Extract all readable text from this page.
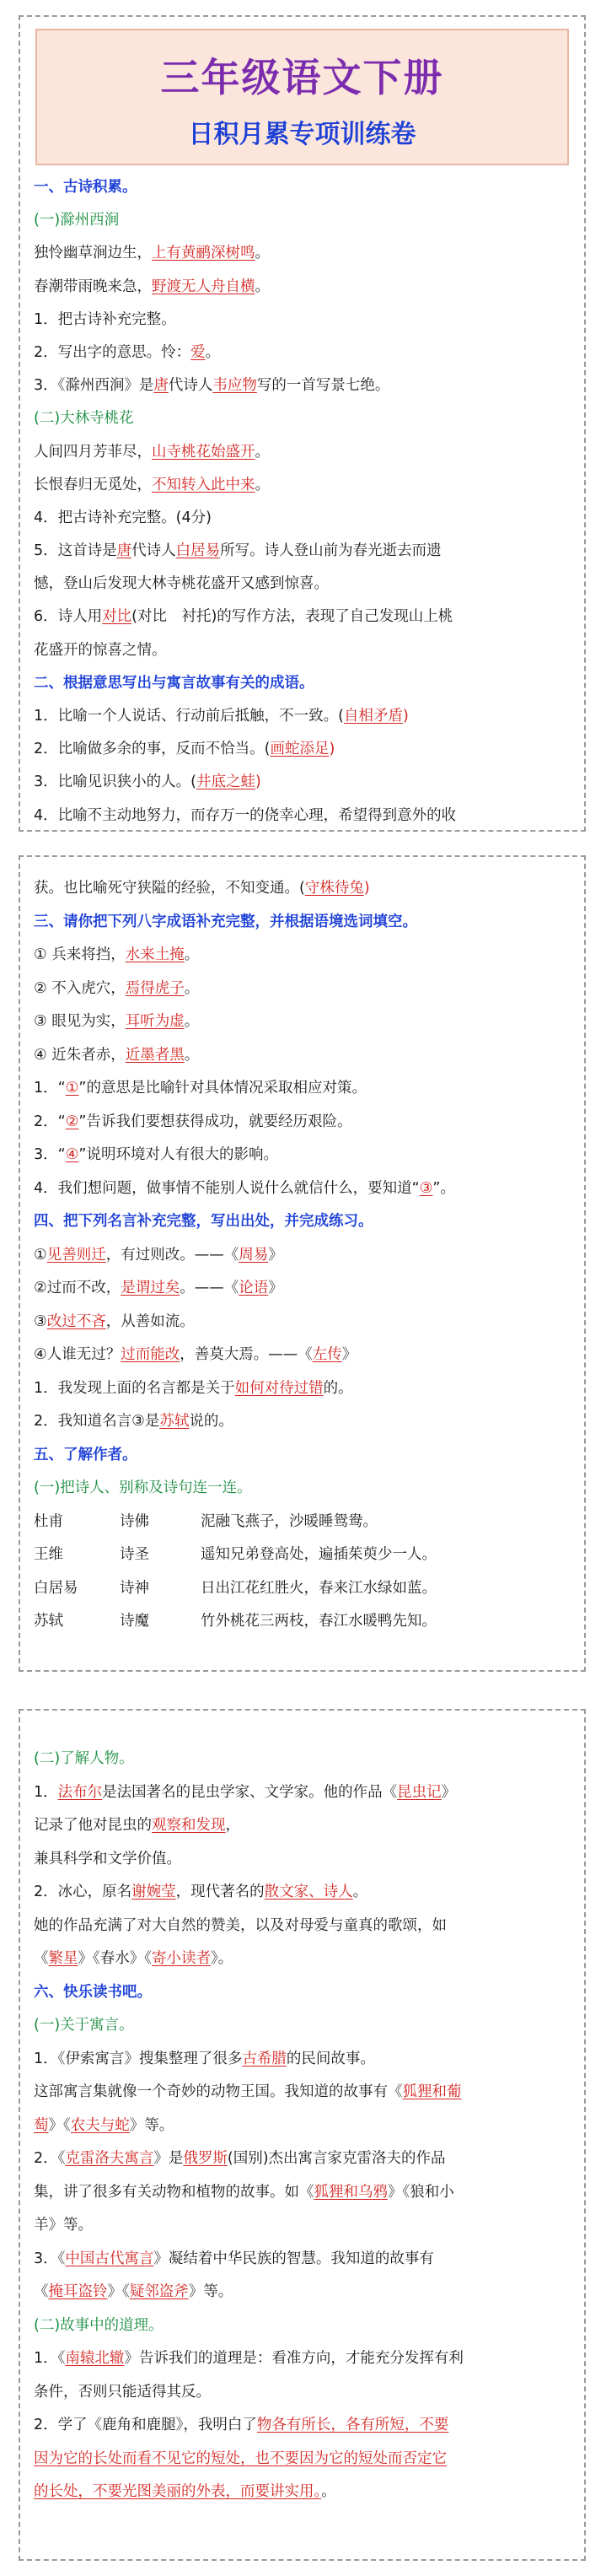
三年级语文下册
日积月累专项训练卷
一、古诗积累。
(一)滁州西涧
独怜幽草涧边生，上有黄鹂深树鸣。
春潮带雨晚来急，野渡无人舟自横。
1．把古诗补充完整。
2．写出字的意思。怜：爱。
3．《滁州西涧》是唐代诗人韦应物写的一首写景七绝。
(二)大林寺桃花
人间四月芳菲尽，山寺桃花始盛开。
长恨春归无觅处，不知转入此中来。
4．把古诗补充完整。(4分)
5．这首诗是唐代诗人白居易所写。诗人登山前为春光逝去而遗
憾，登山后发现大林寺桃花盛开又感到惊喜。
6．诗人用对比(对比　衬托)的写作方法，表现了自己发现山上桃
花盛开的惊喜之情。
二、根据意思写出与寓言故事有关的成语。
1．比喻一个人说话、行动前后抵触，不一致。(自相矛盾)
2．比喻做多余的事，反而不恰当。(画蛇添足)
3．比喻见识狭小的人。(井底之蛙)
4．比喻不主动地努力，而存万一的侥幸心理，希望得到意外的收
获。也比喻死守狭隘的经验，不知变通。(守株待兔)
三、请你把下列八字成语补充完整，并根据语境选词填空。
① 兵来将挡，水来土掩。
② 不入虎穴，焉得虎子。
③ 眼见为实，耳听为虚。
④ 近朱者赤，近墨者黑。
1．“①”的意思是比喻针对具体情况采取相应对策。
2．“②”告诉我们要想获得成功，就要经历艰险。
3．“④”说明环境对人有很大的影响。
4．我们想问题，做事情不能别人说什么就信什么，要知道“③”。
四、把下列名言补充完整，写出出处，并完成练习。
①见善则迁，有过则改。——《周易》
②过而不改，是谓过矣。——《论语》
③改过不吝，从善如流。
④人谁无过？过而能改，善莫大焉。——《左传》
1．我发现上面的名言都是关于如何对待过错的。
2．我知道名言③是苏轼说的。
五、了解作者。
(一)把诗人、别称及诗句连一连。
杜甫	诗佛	泥融飞燕子，沙暖睡鸳鸯。
王维	诗圣	遥知兄弟登高处，遍插茱萸少一人。
白居易	诗神	日出江花红胜火，春来江水绿如蓝。
苏轼	诗魔	竹外桃花三两枝，春江水暖鸭先知。
(二)了解人物。
1．法布尔是法国著名的昆虫学家、文学家。他的作品《昆虫记》
记录了他对昆虫的观察和发现，
兼具科学和文学价值。
2．冰心，原名谢婉莹，现代著名的散文家、诗人。
她的作品充满了对大自然的赞美，以及对母爱与童真的歌颂，如
《繁星》《春水》《寄小读者》。
六、快乐读书吧。
(一)关于寓言。
1．《伊索寓言》搜集整理了很多古希腊的民间故事。
这部寓言集就像一个奇妙的动物王国。我知道的故事有《狐狸和葡
萄》《农夫与蛇》等。
2．《克雷洛夫寓言》是俄罗斯(国别)杰出寓言家克雷洛夫的作品
集，讲了很多有关动物和植物的故事。如《狐狸和乌鸦》《狼和小
羊》等。
3．《中国古代寓言》凝结着中华民族的智慧。我知道的故事有
《掩耳盗铃》《疑邻盗斧》等。
(二)故事中的道理。
1．《南辕北辙》告诉我们的道理是：看准方向，才能充分发挥有利
条件，否则只能适得其反。
2．学了《鹿角和鹿腿》，我明白了物各有所长，各有所短，不要
因为它的长处而看不见它的短处，也不要因为它的短处而否定它
的长处，不要光图美丽的外表，而要讲实用。。
